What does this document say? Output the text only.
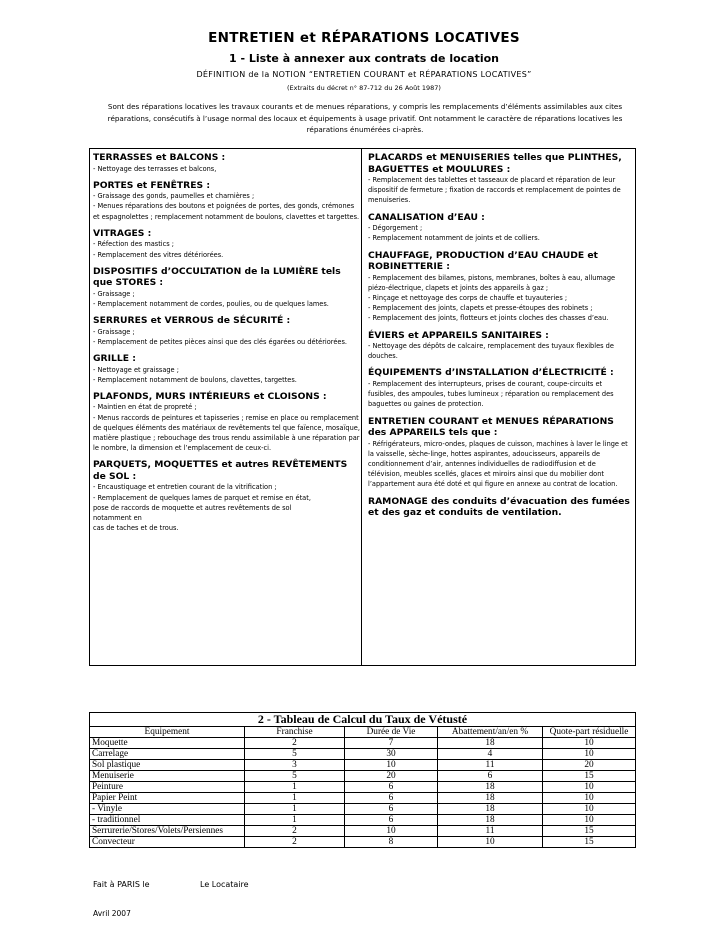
ENTRETIEN et RÉPARATIONS LOCATIVES
1 - Liste à annexer aux contrats de location
DÉFINITION de la NOTION “ENTRETIEN COURANT et RÉPARATIONS LOCATIVES”
(Extraits du décret n° 87-712 du 26 Août 1987)
Sont des réparations locatives les travaux courants et de menues réparations, y compris les remplacements d’éléments assimilables aux cites réparations, consécutifs à l’usage normal des locaux et équipements à usage privatif. Ont notamment le caractère de réparations locatives les réparations énumérées ci-après.
TERRASSES et BALCONS :
- Nettoyage des terrasses et balcons,
PORTES et FENÊTRES :
- Graissage des gonds, paumelles et charnières ;
- Menues réparations des boutons et poignées de portes, des gonds, crémones et espagnolettes ; remplacement notamment de boulons, clavettes et targettes.
VITRAGES :
- Réfection des mastics ;
- Remplacement des vitres détériorées.
DISPOSITIFS d’OCCULTATION de la LUMIÈRE tels que STORES :
- Graissage ;
- Remplacement notamment de cordes, poulies, ou de quelques lames.
SERRURES et VERROUS de SÉCURITÉ :
- Graissage ;
- Remplacement de petites pièces ainsi que des clés égarées ou détériorées.
GRILLE :
- Nettoyage et graissage ;
- Remplacement notamment de boulons, clavettes, targettes.
PLAFONDS, MURS INTÉRIEURS et CLOISONS :
- Maintien en état de propreté ;
- Menus raccords de peintures et tapisseries ; remise en place ou remplacement de quelques éléments des matériaux de revêtements tel que faïence, mosaïque, matière plastique ; rebouchage des trous rendu assimilable à une réparation par le nombre, la dimension et l’emplacement de ceux-ci.
PARQUETS, MOQUETTES et autres REVÊTEMENTS de SOL :
- Encaustiquage et entretien courant de la vitrification ;
- Remplacement de quelques lames de parquet et remise en état,
pose de raccords de moquette et autres revêtements de sol
notamment en
cas de taches et de trous.
PLACARDS et MENUISERIES telles que PLINTHES, BAGUETTES et MOULURES :
- Remplacement des tablettes et tasseaux de placard et réparation de leur dispositif de fermeture ; fixation de raccords et remplacement de pointes de menuiseries.
CANALISATION d’EAU :
- Dégorgement ;
- Remplacement notamment de joints et de colliers.
CHAUFFAGE, PRODUCTION d’EAU CHAUDE et ROBINETTERIE :
- Remplacement des bilames, pistons, membranes, boîtes à eau, allumage piézo-électrique, clapets et joints des appareils à gaz ;
- Rinçage et nettoyage des corps de chauffe et tuyauteries ;
- Remplacement des joints, clapets et presse-étoupes des robinets ;
- Remplacement des joints, flotteurs et joints cloches des chasses d’eau.
ÉVIERS et APPAREILS SANITAIRES :
- Nettoyage des dépôts de calcaire, remplacement des tuyaux flexibles de douches.
ÉQUIPEMENTS d’INSTALLATION d’ÉLECTRICITÉ :
- Remplacement des interrupteurs, prises de courant, coupe-circuits et fusibles, des ampoules, tubes lumineux ; réparation ou remplacement des baguettes ou gaines de protection.
ENTRETIEN COURANT et MENUES RÉPARATIONS des APPAREILS tels que :
- Réfrigérateurs, micro-ondes, plaques de cuisson, machines à laver le linge et la vaisselle, sèche-linge, hottes aspirantes, adoucisseurs, appareils de conditionnement d’air, antennes individuelles de radiodiffusion et de télévision, meubles scellés, glaces et miroirs ainsi que du mobilier dont l’appartement aura été doté et qui figure en annexe au contrat de location.
RAMONAGE des conduits d’évacuation des fumées et des gaz et conduits de ventilation.
2 - Tableau de Calcul du Taux de Vétusté				
Equipement	Franchise	Durée de Vie	Abattement/an/en %	Quote-part résiduelle
Moquette	2	7	18	10
Carrelage	5	30	4	10
Sol plastique	3	10	11	20
Menuiserie	5	20	6	15
Peinture	1	6	18	10
Papier Peint	1	6	18	10
- Vinyle	1	6	18	10
- traditionnel	1	6	18	10
Serrurerie/Stores/Volets/Persiennes	2	10	11	15
Convecteur	2	8	10	15
Fait à PARIS le	Le Locataire
Avril 2007
